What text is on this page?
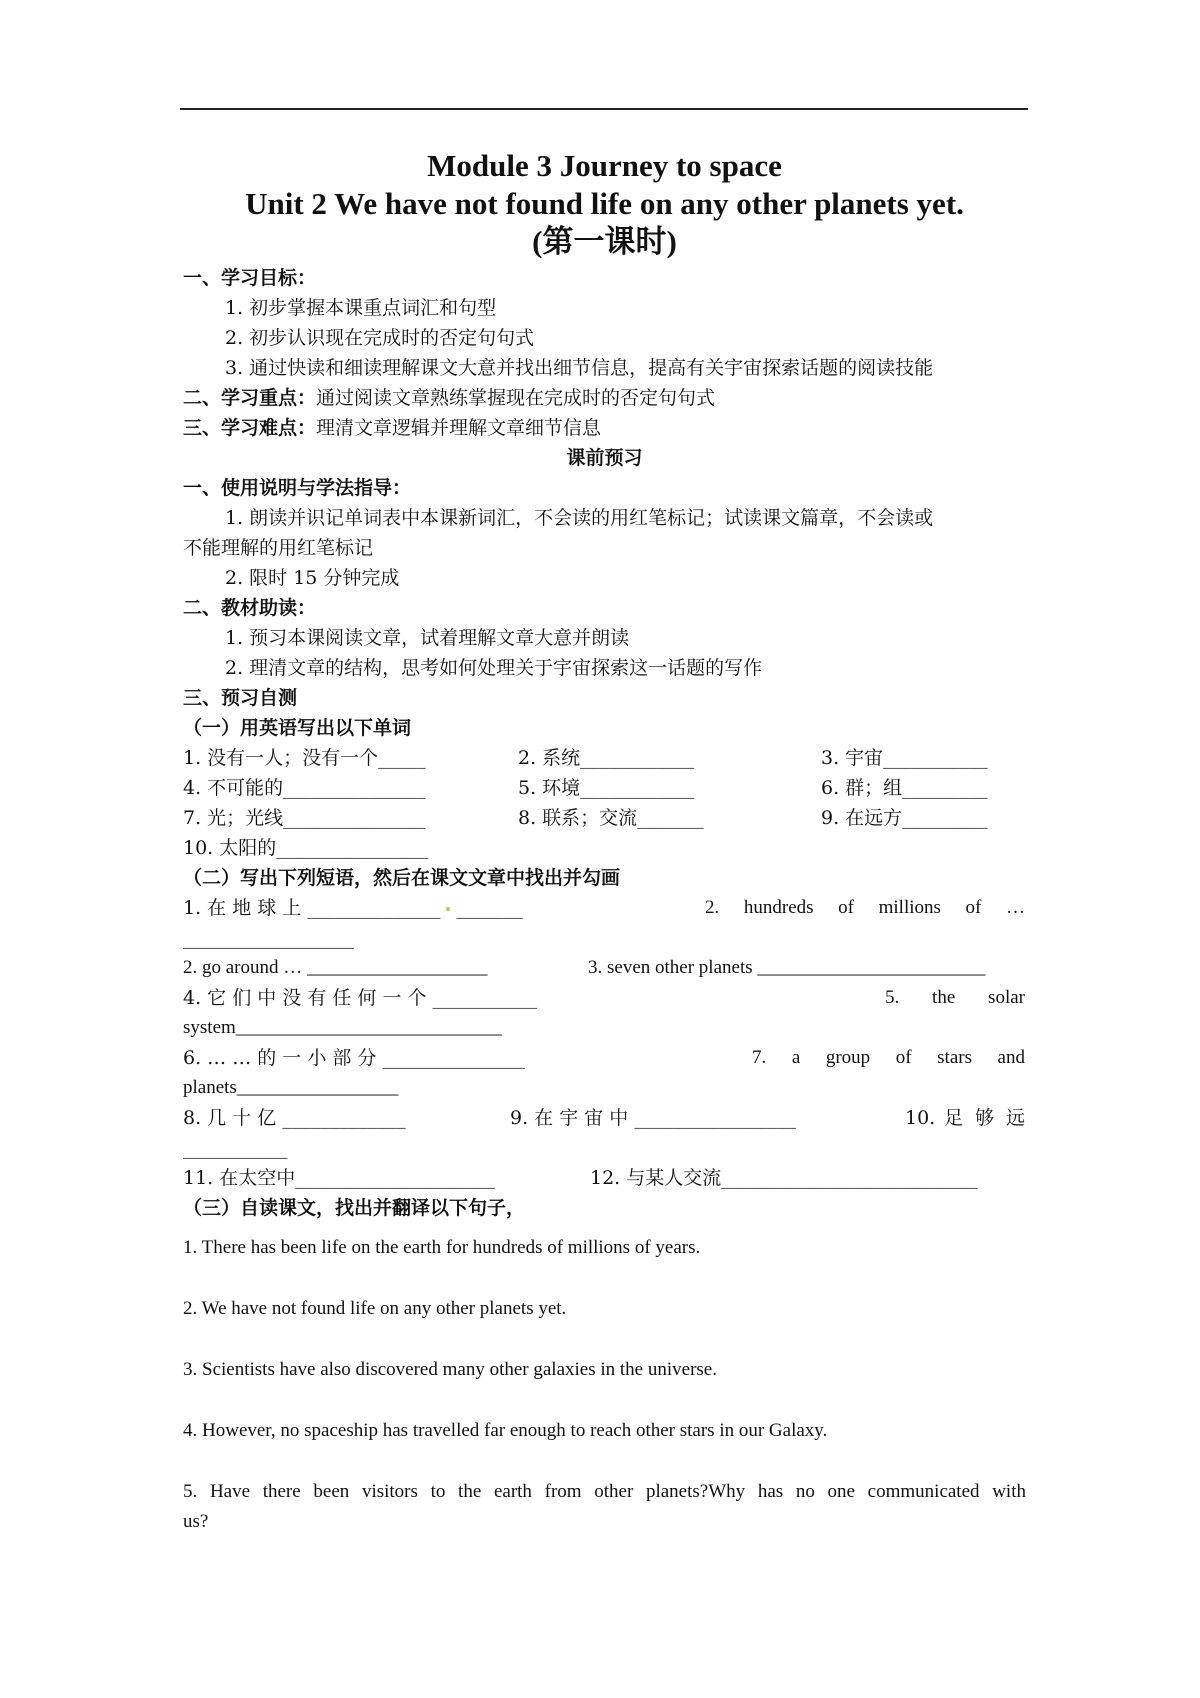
Module 3 Journey to space
Unit 2 We have not found life on any other planets yet.
(第一课时)
一、学习目标：
1. 初步掌握本课重点词汇和句型
2. 初步认识现在完成时的否定句句式
3. 通过快读和细读理解课文大意并找出细节信息，提高有关宇宙探索话题的阅读技能
二、学习重点：通过阅读文章熟练掌握现在完成时的否定句句式
三、学习难点：理清文章逻辑并理解文章细节信息
课前预习
一、使用说明与学法指导：
1. 朗读并识记单词表中本课新词汇，不会读的用红笔标记；试读课文篇章，不会读或
不能理解的用红笔标记
2. 限时 15 分钟完成
二、教材助读：
1. 预习本课阅读文章，试着理解文章大意并朗读
2. 理清文章的结构，思考如何处理关于宇宙探索这一话题的写作
三、预习自测
（一）用英语写出以下单词
1. 没有一人；没有一个_____	2. 系统____________	3. 宇宙___________
4. 不可能的_______________	5. 环境____________	6. 群；组_________
7. 光；光线_______________	8. 联系；交流_______	9. 在远方_________
10. 太阳的________________
（二）写出下列短语，然后在课文文章中找出并勾画
1. 在 地 球 上 ______________ _______	2. hundreds of millions of …
__________________
2. go around … ___________________	3. seven other planets ________________________
4. 它 们 中 没 有 任 何 一 个 ___________	5. the solar
system____________________________
6. … … 的 一 小 部 分 _______________	7. a group of stars and
planets_________________
8. 几 十 亿 _____________	9. 在 宇 宙 中 _________________	10. 足 够 远
___________
11. 在太空中_____________________	12. 与某人交流___________________________
（三）自读课文，找出并翻译以下句子，
1. There has been life on the earth for hundreds of millions of years.
2. We have not found life on any other planets yet.
3. Scientists have also discovered many other galaxies in the universe.
4. However, no spaceship has travelled far enough to reach other stars in our Galaxy.
5. Have there been visitors to the earth from other planets?Why has no one communicated with
us?
